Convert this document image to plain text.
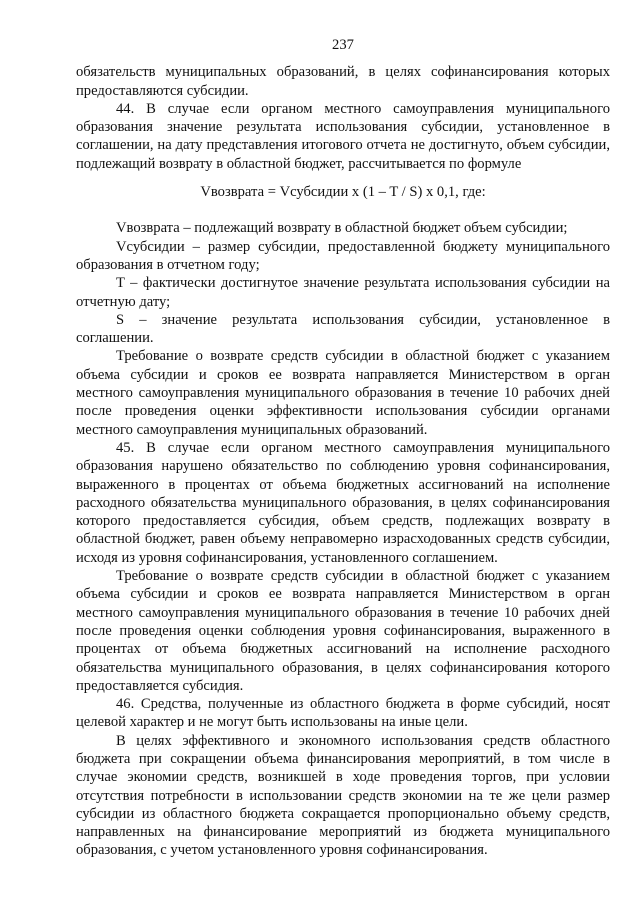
237

обязательств муниципальных образований, в целях софинансирования которых предоставляются субсидии.

44. В случае если органом местного самоуправления муниципального образования значение результата использования субсидии, установленное в соглашении, на дату представления итогового отчета не достигнуто, объем субсидии, подлежащий возврату в областной бюджет, рассчитывается по формуле

Vвозврата = Vсубсидии x (1 – T / S) x 0,1, где:

Vвозврата – подлежащий возврату в областной бюджет объем субсидии;

Vсубсидии – размер субсидии, предоставленной бюджету муниципального образования в отчетном году;

T – фактически достигнутое значение результата использования субсидии на отчетную дату;

S – значение результата использования субсидии, установленное в соглашении.

Требование о возврате средств субсидии в областной бюджет с указанием объема субсидии и сроков ее возврата направляется Министерством в орган местного самоуправления муниципального образования в течение 10 рабочих дней после проведения оценки эффективности использования субсидии органами местного самоуправления муниципальных образований.

45. В случае если органом местного самоуправления муниципального образования нарушено обязательство по соблюдению уровня софинансирования, выраженного в процентах от объема бюджетных ассигнований на исполнение расходного обязательства муниципального образования, в целях софинансирования которого предоставляется субсидия, объем средств, подлежащих возврату в областной бюджет, равен объему неправомерно израсходованных средств субсидии, исходя из уровня софинансирования, установленного соглашением.

Требование о возврате средств субсидии в областной бюджет с указанием объема субсидии и сроков ее возврата направляется Министерством в орган местного самоуправления муниципального образования в течение 10 рабочих дней после проведения оценки соблюдения уровня софинансирования, выраженного в процентах от объема бюджетных ассигнований на исполнение расходного обязательства муниципального образования, в целях софинансирования которого предоставляется субсидия.

46. Средства, полученные из областного бюджета в форме субсидий, носят целевой характер и не могут быть использованы на иные цели.

В целях эффективного и экономного использования средств областного бюджета при сокращении объема финансирования мероприятий, в том числе в случае экономии средств, возникшей в ходе проведения торгов, при условии отсутствия потребности в использовании средств экономии на те же цели размер субсидии из областного бюджета сокращается пропорционально объему средств, направленных на финансирование мероприятий из бюджета муниципального образования, с учетом установленного уровня софинансирования.
